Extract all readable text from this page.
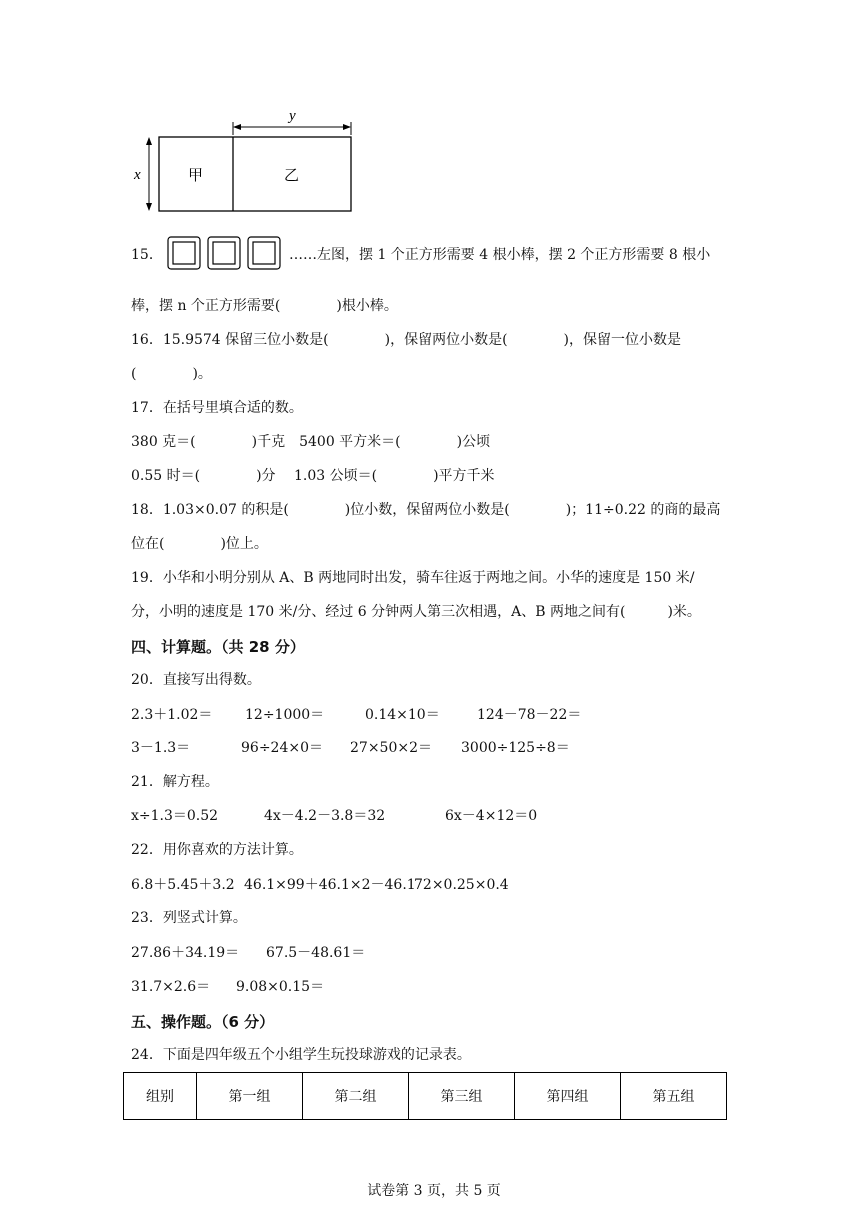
x
y
甲	乙
15．	……左图，摆 1 个正方形需要 4 根小棒，摆 2 个正方形需要 8 根小
棒，摆 n 个正方形需要(　　　　)根小棒。
16．15.9574 保留三位小数是(　　　　)，保留两位小数是(　　　　)，保留一位小数是
(　　　　)。
17．在括号里填合适的数。
380 克＝(　　　　)千克　5400 平方米＝(　　　　)公顷
0.55 时＝(　　　　)分　 1.03 公顷＝(　　　　)平方千米
18．1.03×0.07 的积是(　　　　)位小数，保留两位小数是(　　　　)；11÷0.22 的商的最高
位在(　　　　)位上。
19．小华和小明分别从 A、B 两地同时出发，骑车往返于两地之间。小华的速度是 150 米/
分，小明的速度是 170 米/分、经过 6 分钟两人第三次相遇，A、B 两地之间有(　　　)米。
四、计算题。（共 28 分）
20．直接写出得数。
2.3＋1.02＝ 12÷1000＝	0.14×10＝	124－78－22＝
3－1.3＝	96÷24×0＝ 27×50×2＝ 3000÷125÷8＝
21．解方程。
x÷1.3＝0.52	4x－4.2－3.8＝32	6x－4×12＝0
22．用你喜欢的方法计算。
6.8＋5.45＋3.2 46.1×99＋46.1×2－46.1
72×0.25×0.4
23．列竖式计算。
27.86＋34.19＝ 67.5－48.61＝
31.7×2.6＝ 9.08×0.15＝
五、操作题。（6 分）
24．下面是四年级五个小组学生玩投球游戏的记录表。
组别	第一组	第二组	第三组	第四组	第五组
试卷第 3 页，共 5 页
